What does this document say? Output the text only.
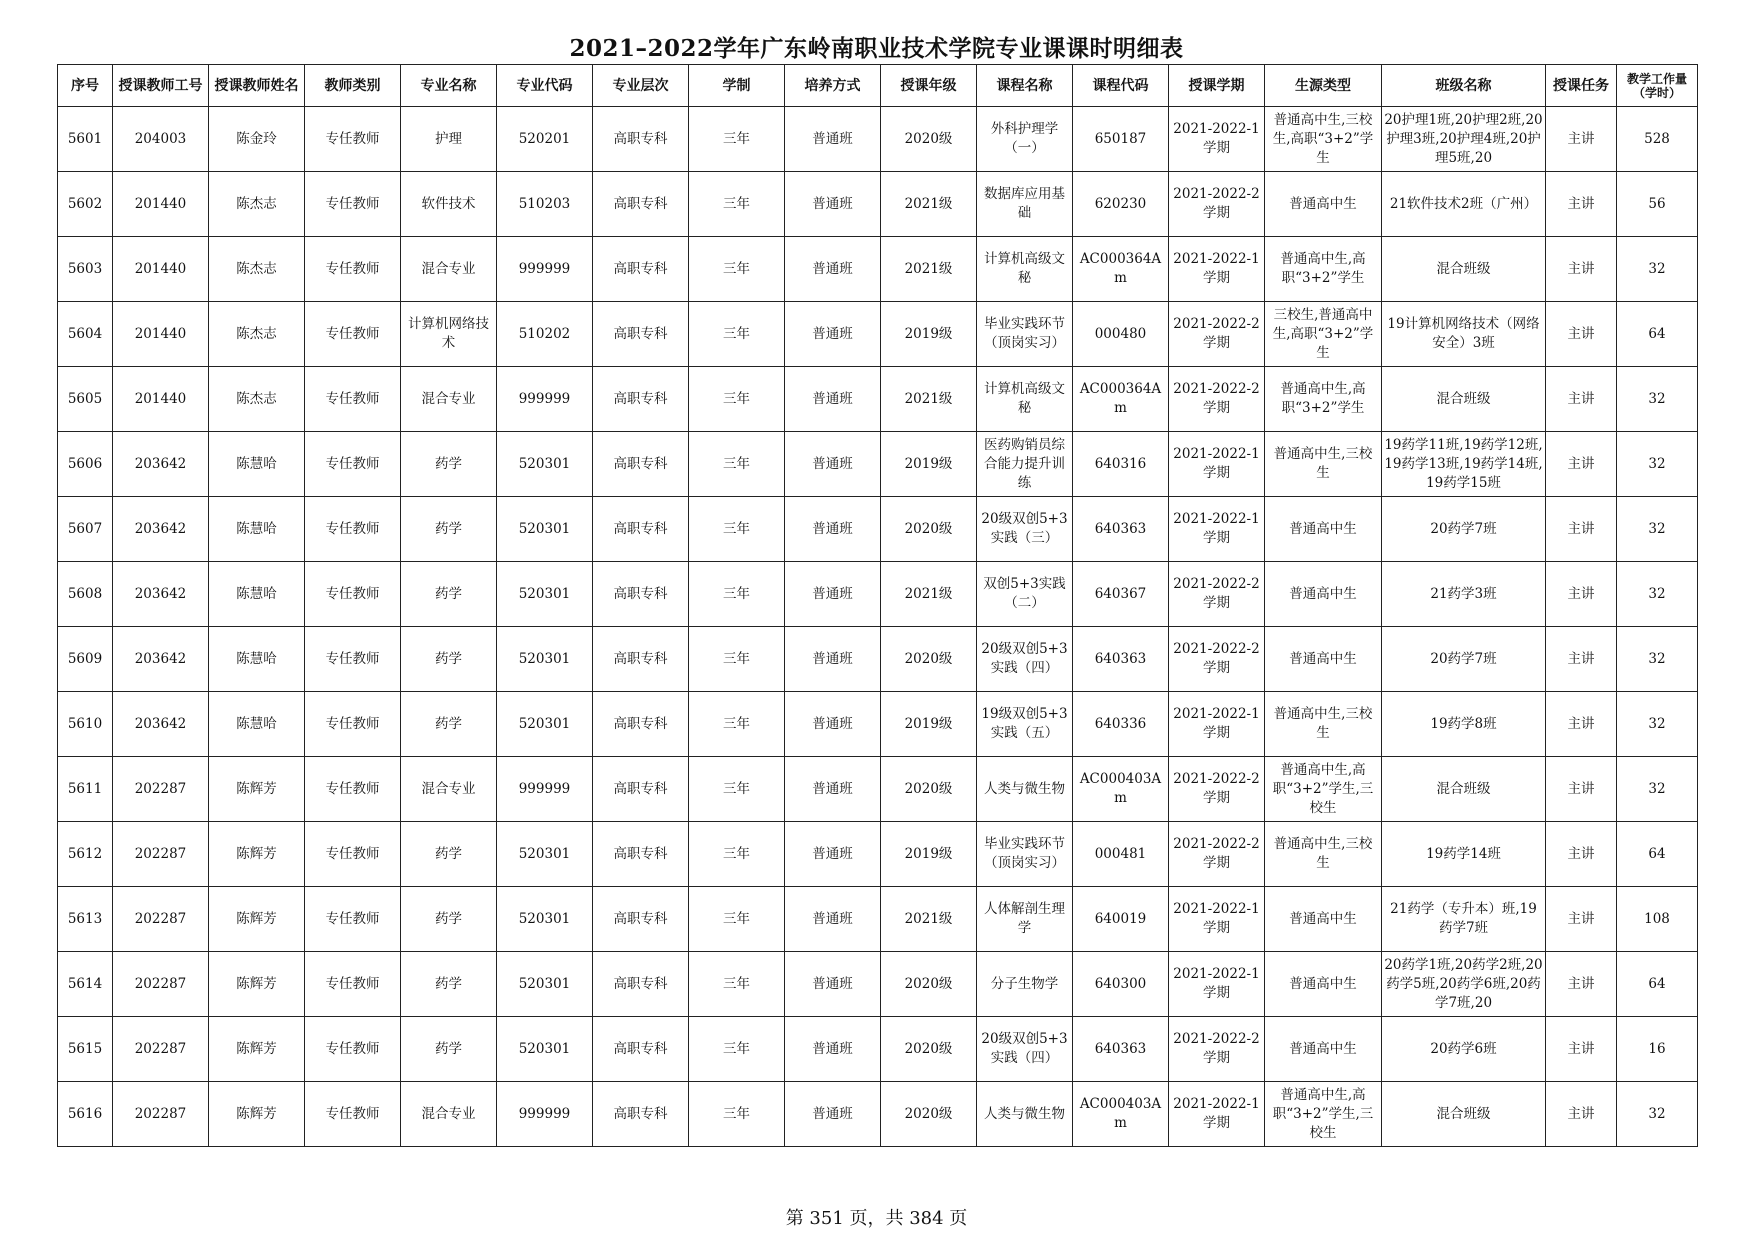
2021–2022学年广东岭南职业技术学院专业课课时明细表
序号	授课教师工号	授课教师姓名	教师类别	专业名称	专业代码	专业层次	学制	培养方式	授课年级	课程名称	课程代码	授课学期	生源类型	班级名称	授课任务	教学工作量（学时）

5601	204003	陈金玲	专任教师	护理	520201	高职专科	三年	普通班	2020级	外科护理学（一）	650187	2021-2022-1学期	普通高中生,三校生,高职“3+2”学生	20护理1班,20护理2班,20护理3班,20护理4班,20护理5班,20	主讲	528

5602	201440	陈杰志	专任教师	软件技术	510203	高职专科	三年	普通班	2021级	数据库应用基础	620230	2021-2022-2学期	普通高中生	21软件技术2班（广州）	主讲	56

5603	201440	陈杰志	专任教师	混合专业	999999	高职专科	三年	普通班	2021级	计算机高级文秘	AC000364Am	2021-2022-1学期	普通高中生,高职“3+2”学生	混合班级	主讲	32

5604	201440	陈杰志	专任教师	计算机网络技术	510202	高职专科	三年	普通班	2019级	毕业实践环节（顶岗实习）	000480	2021-2022-2学期	三校生,普通高中生,高职“3+2”学生	19计算机网络技术（网络安全）3班	主讲	64

5605	201440	陈杰志	专任教师	混合专业	999999	高职专科	三年	普通班	2021级	计算机高级文秘	AC000364Am	2021-2022-2学期	普通高中生,高职“3+2”学生	混合班级	主讲	32

5606	203642	陈慧哈	专任教师	药学	520301	高职专科	三年	普通班	2019级	医药购销员综合能力提升训练	640316	2021-2022-1学期	普通高中生,三校生	19药学11班,19药学12班,19药学13班,19药学14班,19药学15班	主讲	32

5607	203642	陈慧哈	专任教师	药学	520301	高职专科	三年	普通班	2020级	20级双创5+3实践（三）	640363	2021-2022-1学期	普通高中生	20药学7班	主讲	32

5608	203642	陈慧哈	专任教师	药学	520301	高职专科	三年	普通班	2021级	双创5+3实践（二）	640367	2021-2022-2学期	普通高中生	21药学3班	主讲	32

5609	203642	陈慧哈	专任教师	药学	520301	高职专科	三年	普通班	2020级	20级双创5+3实践（四）	640363	2021-2022-2学期	普通高中生	20药学7班	主讲	32

5610	203642	陈慧哈	专任教师	药学	520301	高职专科	三年	普通班	2019级	19级双创5+3实践（五）	640336	2021-2022-1学期	普通高中生,三校生	19药学8班	主讲	32

5611	202287	陈辉芳	专任教师	混合专业	999999	高职专科	三年	普通班	2020级	人类与微生物	AC000403Am	2021-2022-2学期	普通高中生,高职“3+2”学生,三校生	混合班级	主讲	32

5612	202287	陈辉芳	专任教师	药学	520301	高职专科	三年	普通班	2019级	毕业实践环节（顶岗实习）	000481	2021-2022-2学期	普通高中生,三校生	19药学14班	主讲	64

5613	202287	陈辉芳	专任教师	药学	520301	高职专科	三年	普通班	2021级	人体解剖生理学	640019	2021-2022-1学期	普通高中生	21药学（专升本）班,19药学7班	主讲	108

5614	202287	陈辉芳	专任教师	药学	520301	高职专科	三年	普通班	2020级	分子生物学	640300	2021-2022-1学期	普通高中生	20药学1班,20药学2班,20药学5班,20药学6班,20药学7班,20	主讲	64

5615	202287	陈辉芳	专任教师	药学	520301	高职专科	三年	普通班	2020级	20级双创5+3实践（四）	640363	2021-2022-2学期	普通高中生	20药学6班	主讲	16

5616	202287	陈辉芳	专任教师	混合专业	999999	高职专科	三年	普通班	2020级	人类与微生物	AC000403Am	2021-2022-1学期	普通高中生,高职“3+2”学生,三校生	混合班级	主讲	32
第 351 页，共 384 页
